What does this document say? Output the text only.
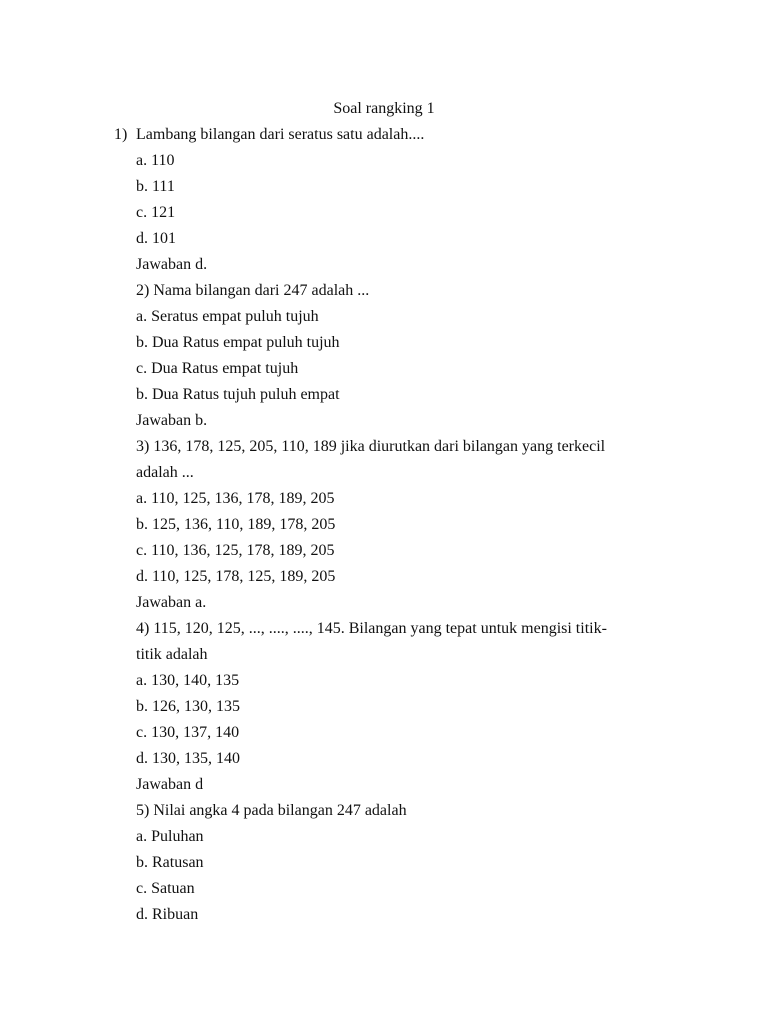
Soal rangking 1
1) Lambang bilangan dari seratus satu adalah....
a. 110
b. 111
c. 121
d. 101
Jawaban d.
2) Nama bilangan dari 247 adalah ...
a. Seratus empat puluh tujuh
b. Dua Ratus empat puluh tujuh
c. Dua Ratus empat tujuh
b. Dua Ratus tujuh puluh empat
Jawaban b.
3) 136, 178, 125, 205, 110, 189 jika diurutkan dari bilangan yang terkecil
adalah ...
a. 110, 125, 136, 178, 189, 205
b. 125, 136, 110, 189, 178, 205
c. 110, 136, 125, 178, 189, 205
d. 110, 125, 178, 125, 189, 205
Jawaban a.
4) 115, 120, 125, ..., ...., ...., 145. Bilangan yang tepat untuk mengisi titik-
titik adalah
a. 130, 140, 135
b. 126, 130, 135
c. 130, 137, 140
d. 130, 135, 140
Jawaban d
5) Nilai angka 4 pada bilangan 247 adalah
a. Puluhan
b. Ratusan
c. Satuan
d. Ribuan
